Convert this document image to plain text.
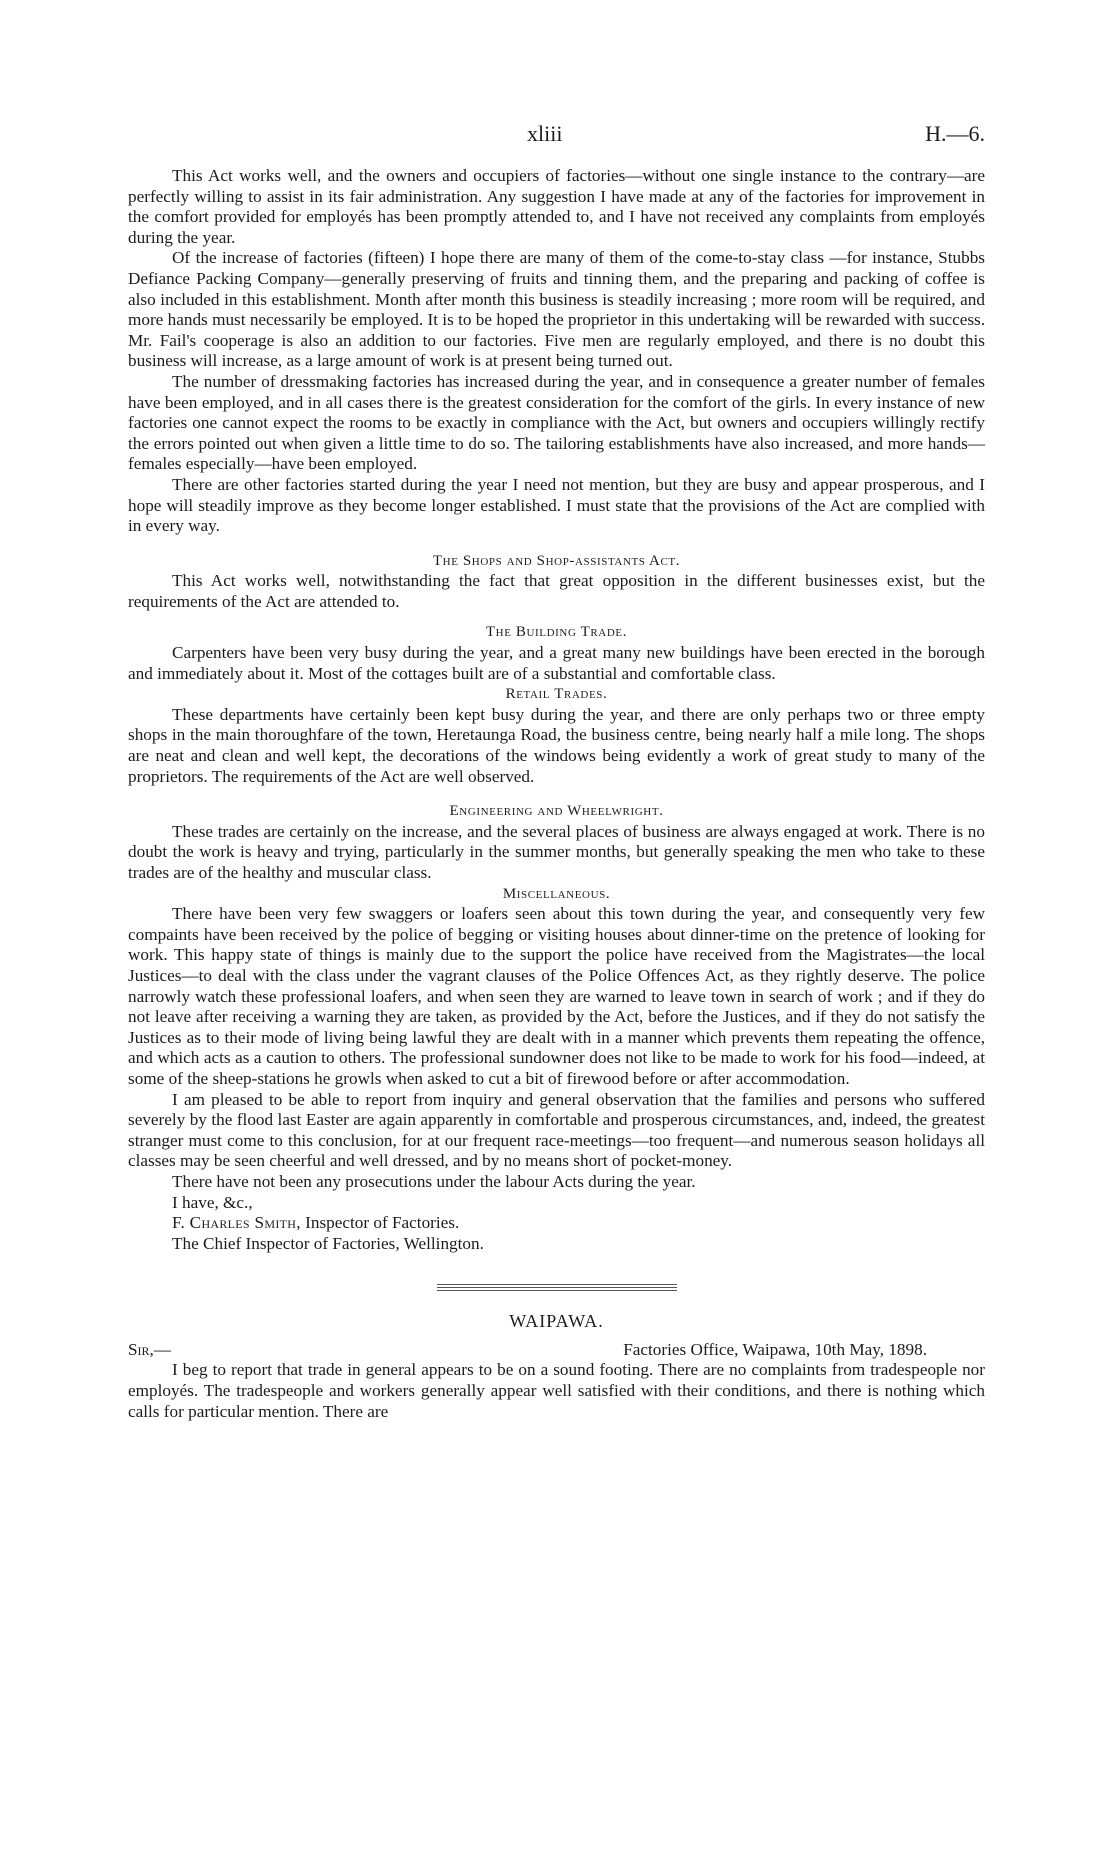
xliii	H.—6.

This Act works well, and the owners and occupiers of factories—without one single instance to the contrary—are perfectly willing to assist in its fair administration. Any suggestion I have made at any of the factories for improvement in the comfort provided for employés has been promptly attended to, and I have not received any complaints from employés during the year.

Of the increase of factories (fifteen) I hope there are many of them of the come-to-stay class —for instance, Stubbs Defiance Packing Company—generally preserving of fruits and tinning them, and the preparing and packing of coffee is also included in this establishment. Month after month this business is steadily increasing ; more room will be required, and more hands must necessarily be employed. It is to be hoped the proprietor in this undertaking will be rewarded with success. Mr. Fail's cooperage is also an addition to our factories. Five men are regularly employed, and there is no doubt this business will increase, as a large amount of work is at present being turned out.

The number of dressmaking factories has increased during the year, and in consequence a greater number of females have been employed, and in all cases there is the greatest consideration for the comfort of the girls. In every instance of new factories one cannot expect the rooms to be exactly in compliance with the Act, but owners and occupiers willingly rectify the errors pointed out when given a little time to do so. The tailoring establishments have also increased, and more hands—females especially—have been employed.

There are other factories started during the year I need not mention, but they are busy and appear prosperous, and I hope will steadily improve as they become longer established. I must state that the provisions of the Act are complied with in every way.

The Shops and Shop-assistants Act.

This Act works well, notwithstanding the fact that great opposition in the different businesses exist, but the requirements of the Act are attended to.

The Building Trade.

Carpenters have been very busy during the year, and a great many new buildings have been erected in the borough and immediately about it. Most of the cottages built are of a substantial and comfortable class.

Retail Trades.

These departments have certainly been kept busy during the year, and there are only perhaps two or three empty shops in the main thoroughfare of the town, Heretaunga Road, the business centre, being nearly half a mile long. The shops are neat and clean and well kept, the decorations of the windows being evidently a work of great study to many of the proprietors. The requirements of the Act are well observed.

Engineering and Wheelwright.

These trades are certainly on the increase, and the several places of business are always engaged at work. There is no doubt the work is heavy and trying, particularly in the summer months, but generally speaking the men who take to these trades are of the healthy and muscular class.

Miscellaneous.

There have been very few swaggers or loafers seen about this town during the year, and consequently very few compaints have been received by the police of begging or visiting houses about dinner-time on the pretence of looking for work. This happy state of things is mainly due to the support the police have received from the Magistrates—the local Justices—to deal with the class under the vagrant clauses of the Police Offences Act, as they rightly deserve. The police narrowly watch these professional loafers, and when seen they are warned to leave town in search of work ; and if they do not leave after receiving a warning they are taken, as provided by the Act, before the Justices, and if they do not satisfy the Justices as to their mode of living being lawful they are dealt with in a manner which prevents them repeating the offence, and which acts as a caution to others. The professional sundowner does not like to be made to work for his food—indeed, at some of the sheep-stations he growls when asked to cut a bit of firewood before or after accommodation.

I am pleased to be able to report from inquiry and general observation that the families and persons who suffered severely by the flood last Easter are again apparently in comfortable and prosperous circumstances, and, indeed, the greatest stranger must come to this conclusion, for at our frequent race-meetings—too frequent—and numerous season holidays all classes may be seen cheerful and well dressed, and by no means short of pocket-money.

There have not been any prosecutions under the labour Acts during the year.

I have, &c.,

F. Charles Smith, Inspector of Factories.

The Chief Inspector of Factories, Wellington.

WAIPAWA.
Sir,—	Factories Office, Waipawa, 10th May, 1898.

I beg to report that trade in general appears to be on a sound footing. There are no complaints from tradespeople nor employés. The tradespeople and workers generally appear well satisfied with their conditions, and there is nothing which calls for particular mention. There are
